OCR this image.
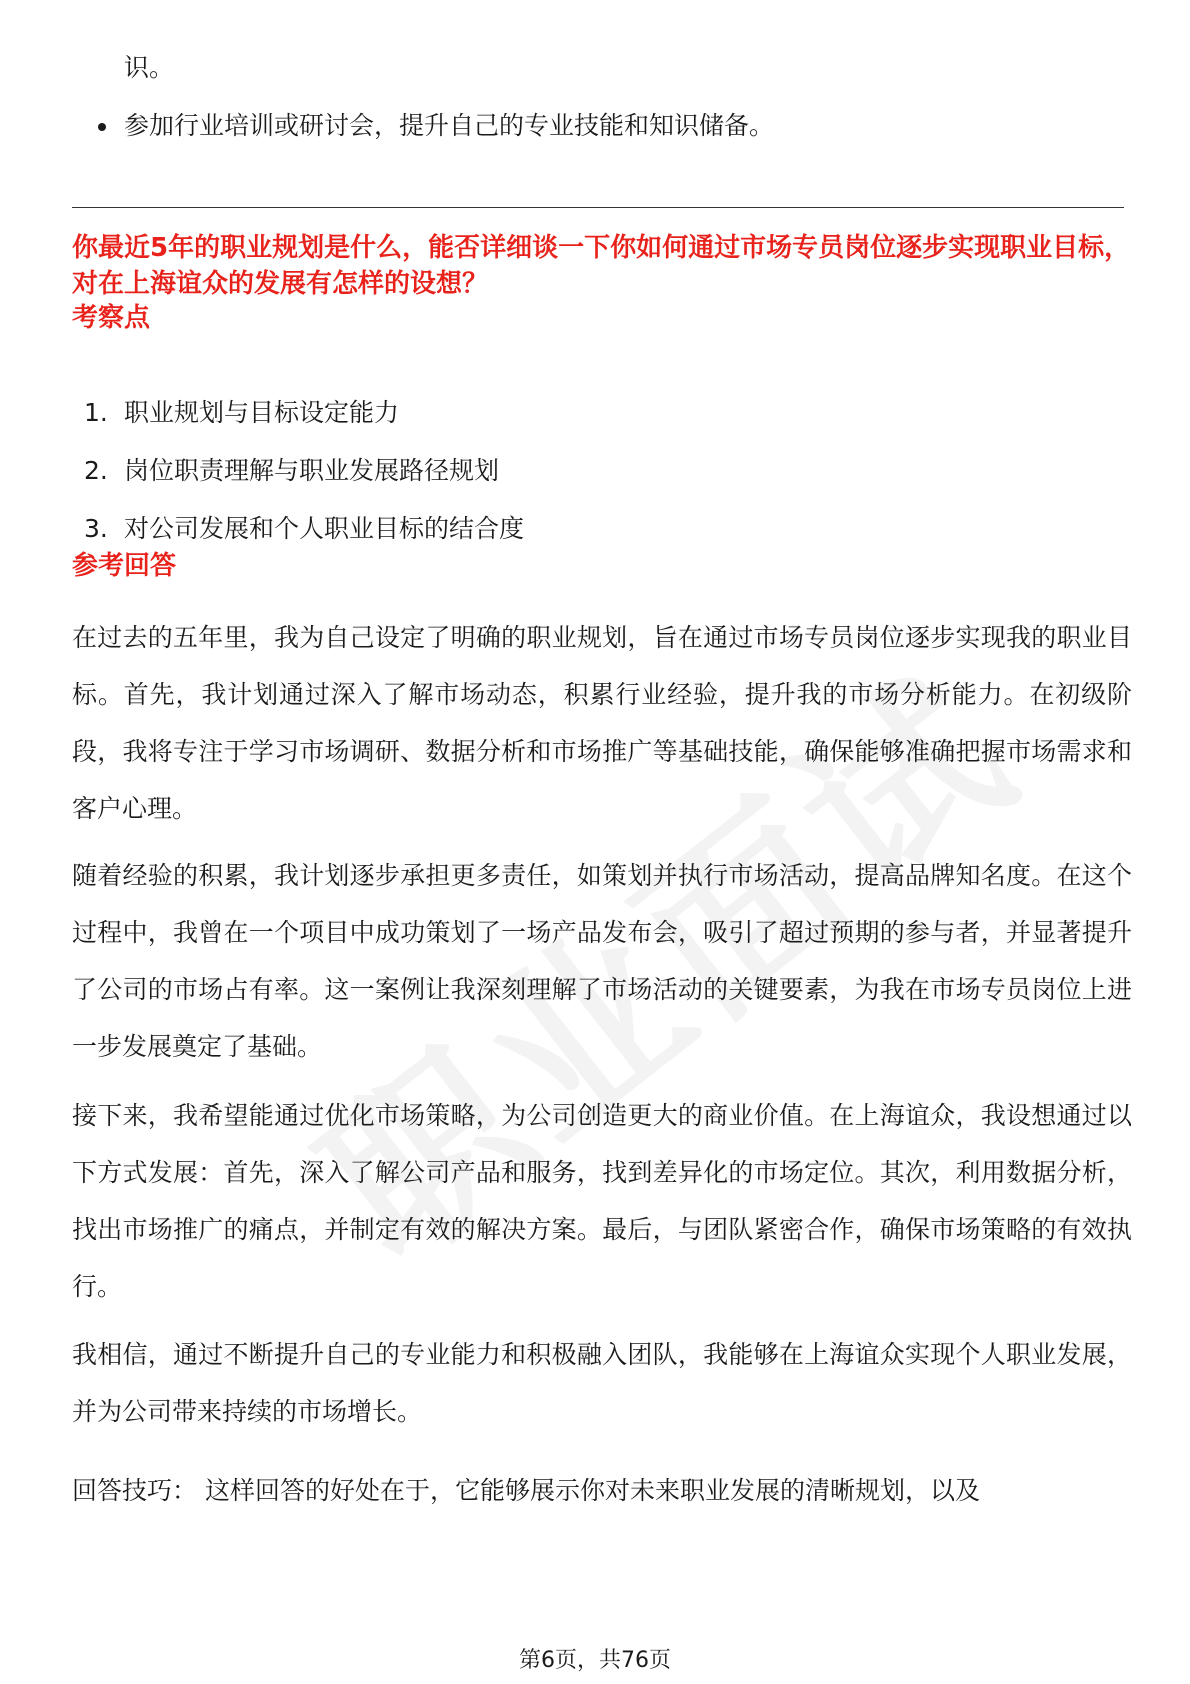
识。
参加行业培训或研讨会，提升自己的专业技能和知识储备。
你最近5年的职业规划是什么，能否详细谈一下你如何通过市场专员岗位逐步实现职业目标，对在上海谊众的发展有怎样的设想？
考察点
1. 职业规划与目标设定能力
2. 岗位职责理解与职业发展路径规划
3. 对公司发展和个人职业目标的结合度
参考回答
在过去的五年里，我为自己设定了明确的职业规划，旨在通过市场专员岗位逐步实现我的职业目标。首先，我计划通过深入了解市场动态，积累行业经验，提升我的市场分析能力。在初级阶段，我将专注于学习市场调研、数据分析和市场推广等基础技能，确保能够准确把握市场需求和客户心理。
随着经验的积累，我计划逐步承担更多责任，如策划并执行市场活动，提高品牌知名度。在这个过程中，我曾在一个项目中成功策划了一场产品发布会，吸引了超过预期的参与者，并显著提升了公司的市场占有率。这一案例让我深刻理解了市场活动的关键要素，为我在市场专员岗位上进一步发展奠定了基础。
接下来，我希望能通过优化市场策略，为公司创造更大的商业价值。在上海谊众，我设想通过以下方式发展：首先，深入了解公司产品和服务，找到差异化的市场定位。其次，利用数据分析，找出市场推广的痛点，并制定有效的解决方案。最后，与团队紧密合作，确保市场策略的有效执行。
我相信，通过不断提升自己的专业能力和积极融入团队，我能够在上海谊众实现个人职业发展，并为公司带来持续的市场增长。
回答技巧： 这样回答的好处在于，它能够展示你对未来职业发展的清晰规划，以及
第6页，共76页
